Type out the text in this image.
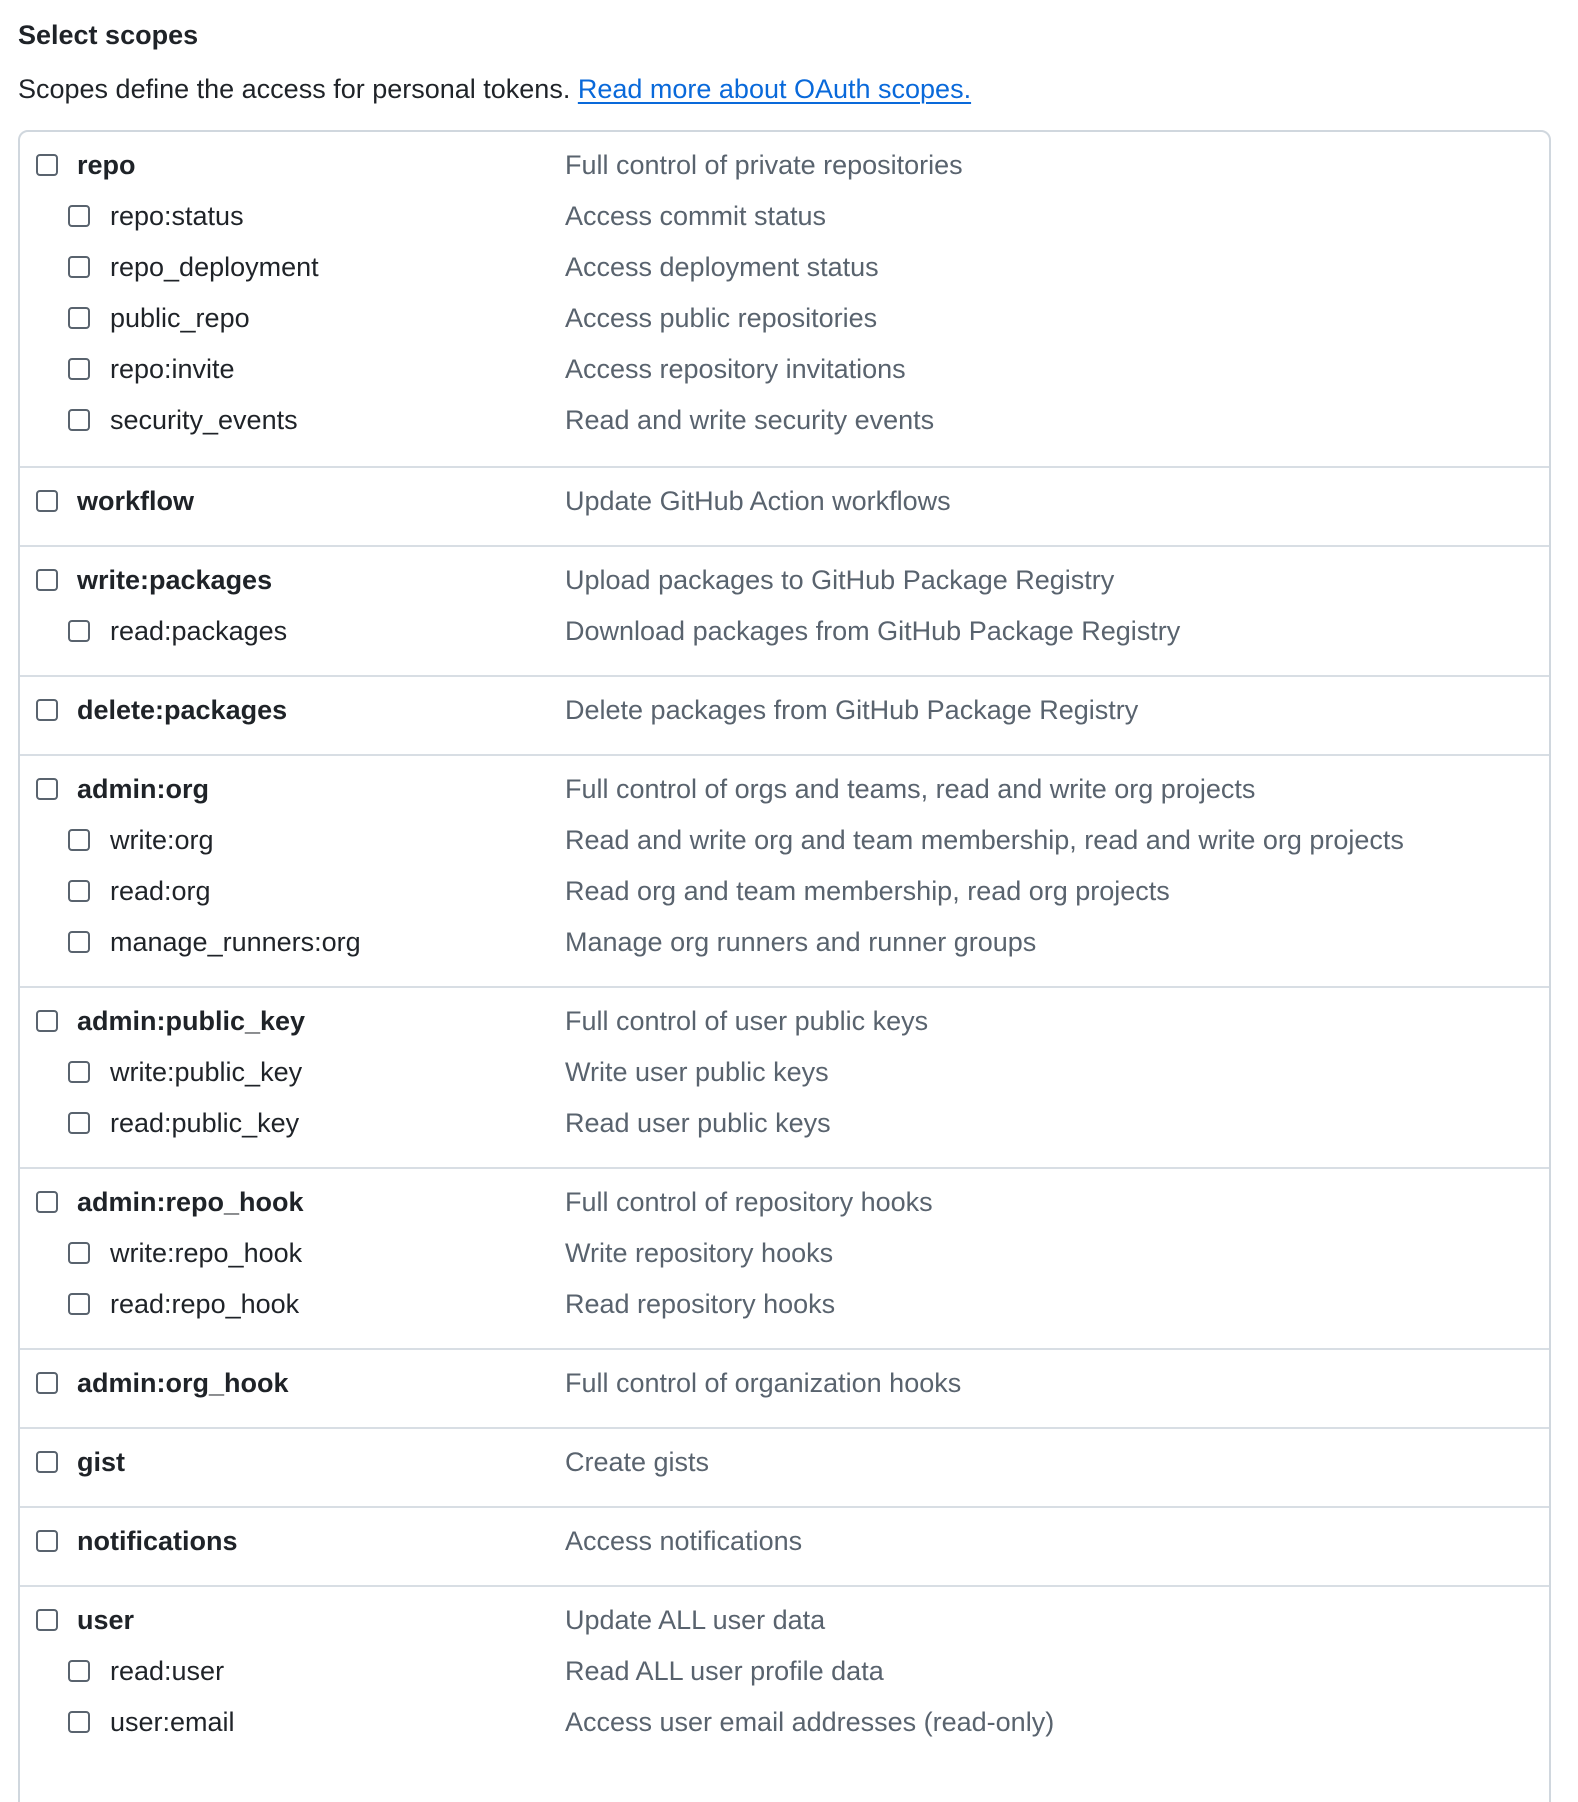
Select scopes
Scopes define the access for personal tokens. Read more about OAuth scopes.
repo	Full control of private repositories
repo:status	Access commit status
repo_deployment	Access deployment status
public_repo	Access public repositories
repo:invite	Access repository invitations
security_events	Read and write security events
workflow	Update GitHub Action workflows
write:packages	Upload packages to GitHub Package Registry
read:packages	Download packages from GitHub Package Registry
delete:packages	Delete packages from GitHub Package Registry
admin:org	Full control of orgs and teams, read and write org projects
write:org	Read and write org and team membership, read and write org projects
read:org	Read org and team membership, read org projects
manage_runners:org	Manage org runners and runner groups
admin:public_key	Full control of user public keys
write:public_key	Write user public keys
read:public_key	Read user public keys
admin:repo_hook	Full control of repository hooks
write:repo_hook	Write repository hooks
read:repo_hook	Read repository hooks
admin:org_hook	Full control of organization hooks
gist	Create gists
notifications	Access notifications
user	Update ALL user data
read:user	Read ALL user profile data
user:email	Access user email addresses (read-only)
